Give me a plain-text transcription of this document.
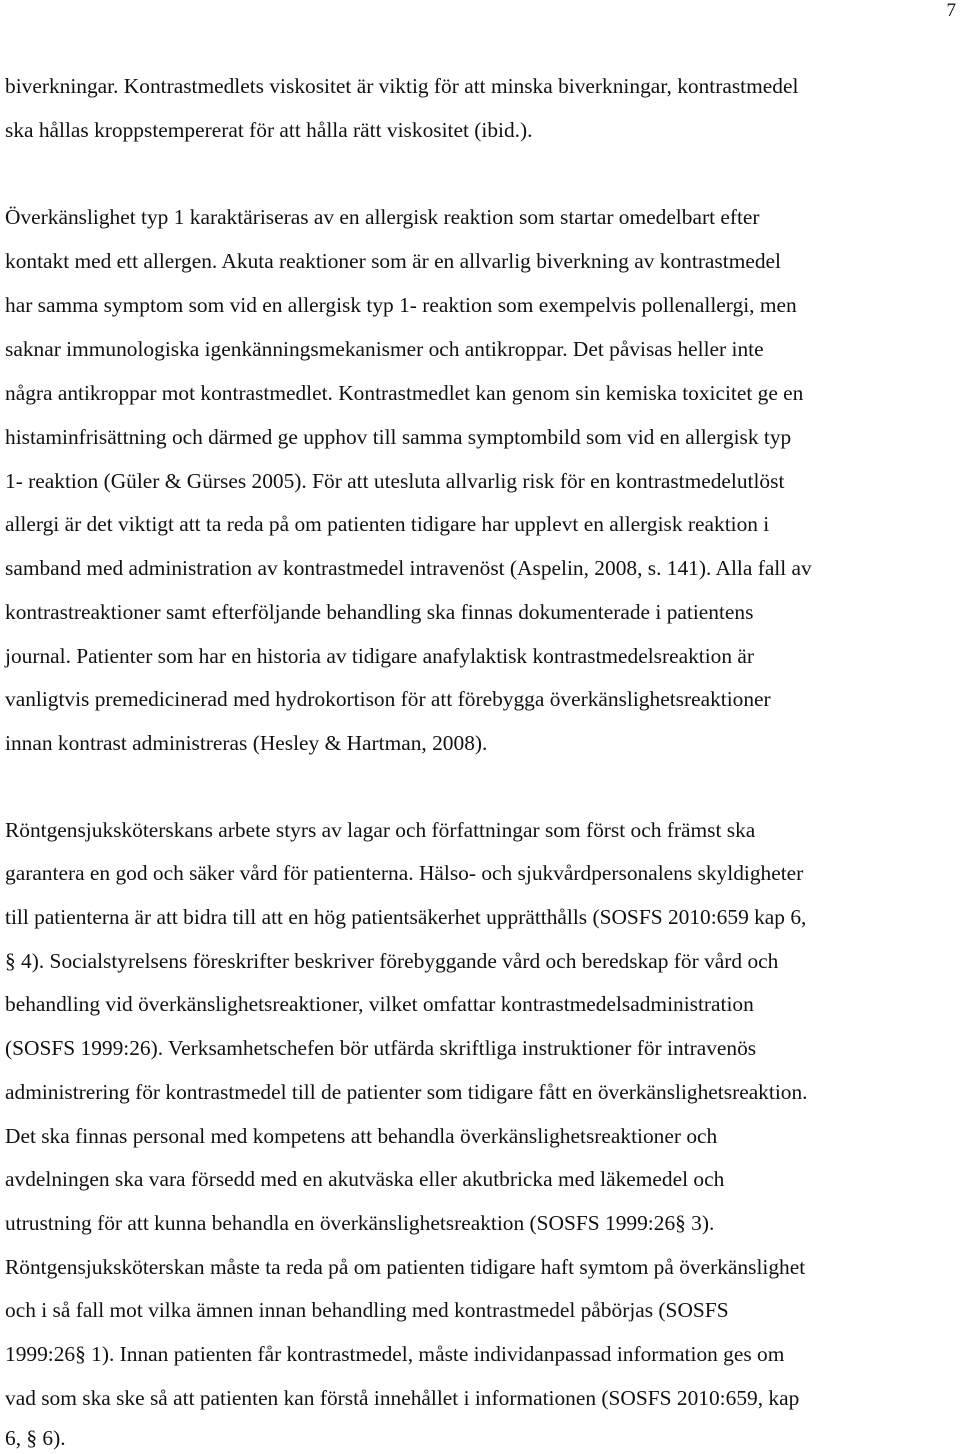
7
biverkningar. Kontrastmedlets viskositet är viktig för att minska biverkningar, kontrastmedel
ska hållas kroppstempererat för att hålla rätt viskositet (ibid.).
Överkänslighet typ 1 karaktäriseras av en allergisk reaktion som startar omedelbart efter
kontakt med ett allergen. Akuta reaktioner som är en allvarlig biverkning av kontrastmedel
har samma symptom som vid en allergisk typ 1- reaktion som exempelvis pollenallergi, men
saknar immunologiska igenkänningsmekanismer och antikroppar. Det påvisas heller inte
några antikroppar mot kontrastmedlet. Kontrastmedlet kan genom sin kemiska toxicitet ge en
histaminfrisättning och därmed ge upphov till samma symptombild som vid en allergisk typ
1- reaktion (Güler & Gürses 2005). För att utesluta allvarlig risk för en kontrastmedelutlöst
allergi är det viktigt att ta reda på om patienten tidigare har upplevt en allergisk reaktion i
samband med administration av kontrastmedel intravenöst (Aspelin, 2008, s. 141). Alla fall av
kontrastreaktioner samt efterföljande behandling ska finnas dokumenterade i patientens
journal. Patienter som har en historia av tidigare anafylaktisk kontrastmedelsreaktion är
vanligtvis premedicinerad med hydrokortison för att förebygga överkänslighetsreaktioner
innan kontrast administreras (Hesley & Hartman, 2008).
Röntgensjuksköterskans arbete styrs av lagar och författningar som först och främst ska
garantera en god och säker vård för patienterna. Hälso- och sjukvårdpersonalens skyldigheter
till patienterna är att bidra till att en hög patientsäkerhet upprätthålls (SOSFS 2010:659 kap 6,
§ 4). Socialstyrelsens föreskrifter beskriver förebyggande vård och beredskap för vård och
behandling vid överkänslighetsreaktioner, vilket omfattar kontrastmedelsadministration
(SOSFS 1999:26). Verksamhetschefen bör utfärda skriftliga instruktioner för intravenös
administrering för kontrastmedel till de patienter som tidigare fått en överkänslighetsreaktion.
Det ska finnas personal med kompetens att behandla överkänslighetsreaktioner och
avdelningen ska vara försedd med en akutväska eller akutbricka med läkemedel och
utrustning för att kunna behandla en överkänslighetsreaktion (SOSFS 1999:26§ 3).
Röntgensjuksköterskan måste ta reda på om patienten tidigare haft symtom på överkänslighet
och i så fall mot vilka ämnen innan behandling med kontrastmedel påbörjas (SOSFS
1999:26§ 1). Innan patienten får kontrastmedel, måste individanpassad information ges om
vad som ska ske så att patienten kan förstå innehållet i informationen (SOSFS 2010:659, kap
6, § 6).
